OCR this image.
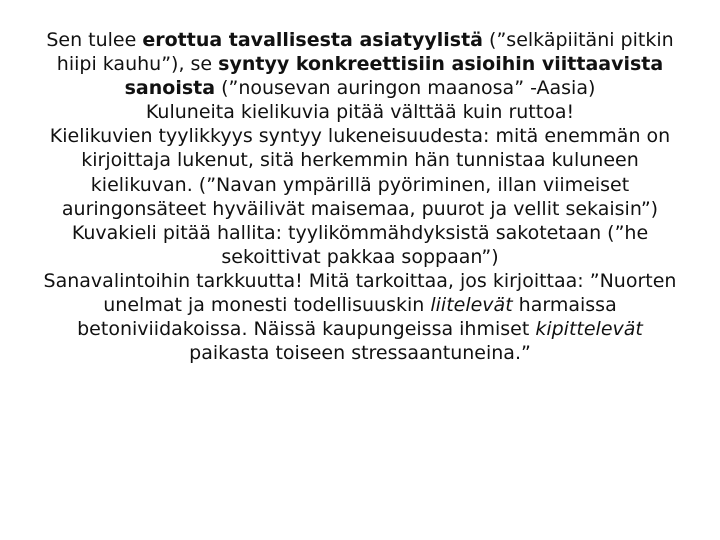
Sen tulee erottua tavallisesta asiatyylistä (”selkäpiitäni pitkin hiipi kauhu”), se syntyy konkreettisiin asioihin viittaavista sanoista (”nousevan auringon maanosa” -Aasia)

Kuluneita kielikuvia pitää välttää kuin ruttoa!

Kielikuvien tyylikkyys syntyy lukeneisuudesta: mitä enemmän on kirjoittaja lukenut, sitä herkemmin hän tunnistaa kuluneen kielikuvan. (”Navan ympärillä pyöriminen, illan viimeiset auringonsäteet hyväilivät maisemaa, puurot ja vellit sekaisin”)

Kuvakieli pitää hallita: tyylikömmähdyksistä sakotetaan (”he sekoittivat pakkaa soppaan”)

Sanavalintoihin tarkkuutta! Mitä tarkoittaa, jos kirjoittaa: ”Nuorten unelmat ja monesti todellisuuskin liitelevät harmaissa betoniviidakoissa. Näissä kaupungeissa ihmiset kipittelevät paikasta toiseen stressaantuneina.”
